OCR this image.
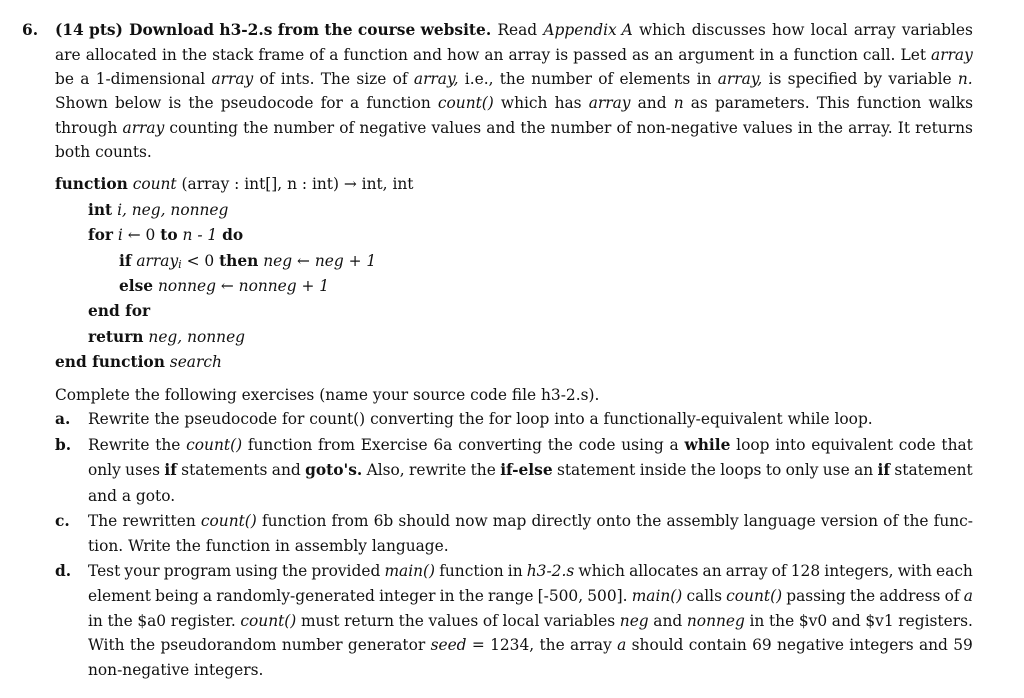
6. (14 pts) Download h3-2.s from the course website. Read Appendix A which discusses how local array variables
are allocated in the stack frame of a function and how an array is passed as an argument in a function call. Let array
be a 1-dimensional array of ints. The size of array, i.e., the number of elements in array, is specified by variable n.
Shown below is the pseudocode for a function count() which has array and n as parameters. This function walks
through array counting the number of negative values and the number of non-negative values in the array. It returns
both counts.
function count (array : int[], n : int) → int, int
int i, neg, nonneg
for i ← 0 to n - 1 do
if arrayi < 0 then neg ← neg + 1
else nonneg ← nonneg + 1
end for
return neg, nonneg
end function search
Complete the following exercises (name your source code file h3-2.s).
a. Rewrite the pseudocode for count() converting the for loop into a functionally-equivalent while loop.
b. Rewrite the count() function from Exercise 6a converting the code using a while loop into equivalent code that
only uses if statements and goto's. Also, rewrite the if-else statement inside the loops to only use an if statement
and a goto.
c. The rewritten count() function from 6b should now map directly onto the assembly language version of the func-
tion. Write the function in assembly language.
d. Test your program using the provided main() function in h3-2.s which allocates an array of 128 integers, with each
element being a randomly-generated integer in the range [-500, 500]. main() calls count() passing the address of a
in the $a0 register. count() must return the values of local variables neg and nonneg in the $v0 and $v1 registers.
With the pseudorandom number generator seed = 1234, the array a should contain 69 negative integers and 59
non-negative integers.
